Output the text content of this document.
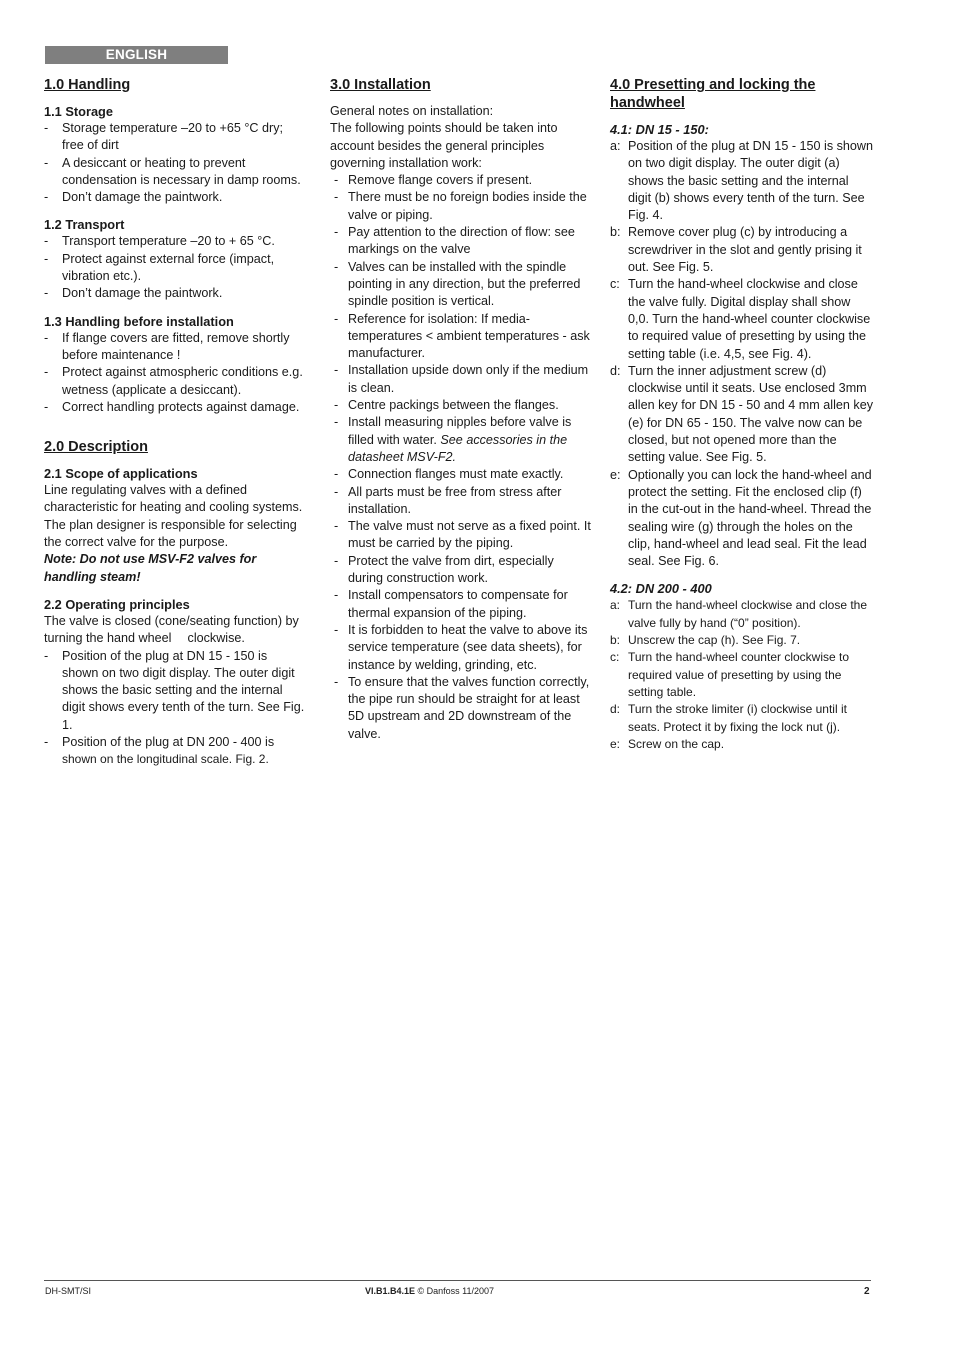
ENGLISH
1.0 Handling
1.1 Storage
- Storage temperature –20 to +65 °C dry; free of dirt
- A desiccant or heating to prevent condensation is necessary in damp rooms.
- Don’t damage the paintwork.
1.2 Transport
- Transport temperature –20 to + 65 °C.
- Protect against external force (impact, vibration etc.).
- Don’t damage the paintwork.
1.3 Handling before installation
- If flange covers are fitted, remove shortly before maintenance !
- Protect against atmospheric conditions e.g. wetness (applicate a desiccant).
- Correct handling protects against damage.
2.0 Description
2.1 Scope of applications

Line regulating valves with a defined characteristic for heating and cooling systems. The plan designer is responsible for selecting the correct valve for the purpose.

Note: Do not use MSV-F2 valves for handling steam!

2.2 Operating principles

The valve is closed (cone/seating function) by turning the hand wheel  clockwise.

- Position of the plug at DN 15 - 150 is shown on two digit display. The outer digit shows the basic setting and the internal digit shows every tenth of the turn. See Fig. 1.
- Position of the plug at DN 200 - 400 is
shown on the longitudinal scale. Fig. 2.
3.0 Installation

General notes on installation:

The following points should be taken into account besides the general principles governing installation work:

- Remove flange covers if present.
- There must be no foreign bodies inside the valve or piping.
- Pay attention to the direction of flow: see markings on the valve
- Valves can be installed with the spindle pointing in any direction, but the preferred spindle position is vertical.
- Reference for isolation: If media-temperatures < ambient temperatures - ask manufacturer.
- Installation upside down only if the medium is clean.
- Centre packings between the flanges.
- Install measuring nipples before valve is filled with water. See accessories in the datasheet MSV-F2.
- Connection flanges must mate exactly.
- All parts must be free from stress after installation.
- The valve must not serve as a fixed point. It must be carried by the piping.
- Protect the valve from dirt, especially during construction work.
- Install compensators to compensate for thermal expansion of the piping.
- It is forbidden to heat the valve to above its service temperature (see data sheets), for instance by welding, grinding, etc.
- To ensure that the valves function correctly, the pipe run should be straight for at least 5D upstream and 2D downstream of the valve.
4.0 Presetting and locking the handwheel
4.1: DN 15 - 150:
a: Position of the plug at DN 15 - 150 is shown on two digit display. The outer digit (a) shows the basic setting and the internal digit (b) shows every tenth of the turn. See Fig. 4.
b: Remove cover plug (c) by introducing a screwdriver in the slot and gently prising it out. See Fig. 5.
c: Turn the hand-wheel clockwise and close the valve fully. Digital display shall show 0,0. Turn the hand-wheel counter clockwise to required value of presetting by using the setting table (i.e. 4,5, see Fig. 4).
d: Turn the inner adjustment screw (d) clockwise until it seats. Use enclosed 3mm allen key for DN 15 - 50 and 4 mm allen key (e) for DN 65 - 150. The valve now can be closed, but not opened more than the setting value. See Fig. 5.
e: Optionally you can lock the hand-wheel and protect the setting. Fit the enclosed clip (f) in the cut-out in the hand-wheel. Thread the sealing wire (g) through the holes on the clip, hand-wheel and lead seal. Fit the lead seal. See Fig. 6.
4.2: DN 200 - 400
a: Turn the hand-wheel clockwise and close the valve fully by hand (“0” position).
b: Unscrew the cap (h). See Fig. 7.
c: Turn the hand-wheel counter clockwise to required value of presetting by using the setting table.
d: Turn the stroke limiter (i) clockwise until it seats. Protect it by fixing the lock nut (j).
e: Screw on the cap.
DH-SMT/SI	VI.B1.B4.1E © Danfoss 11/2007	2
